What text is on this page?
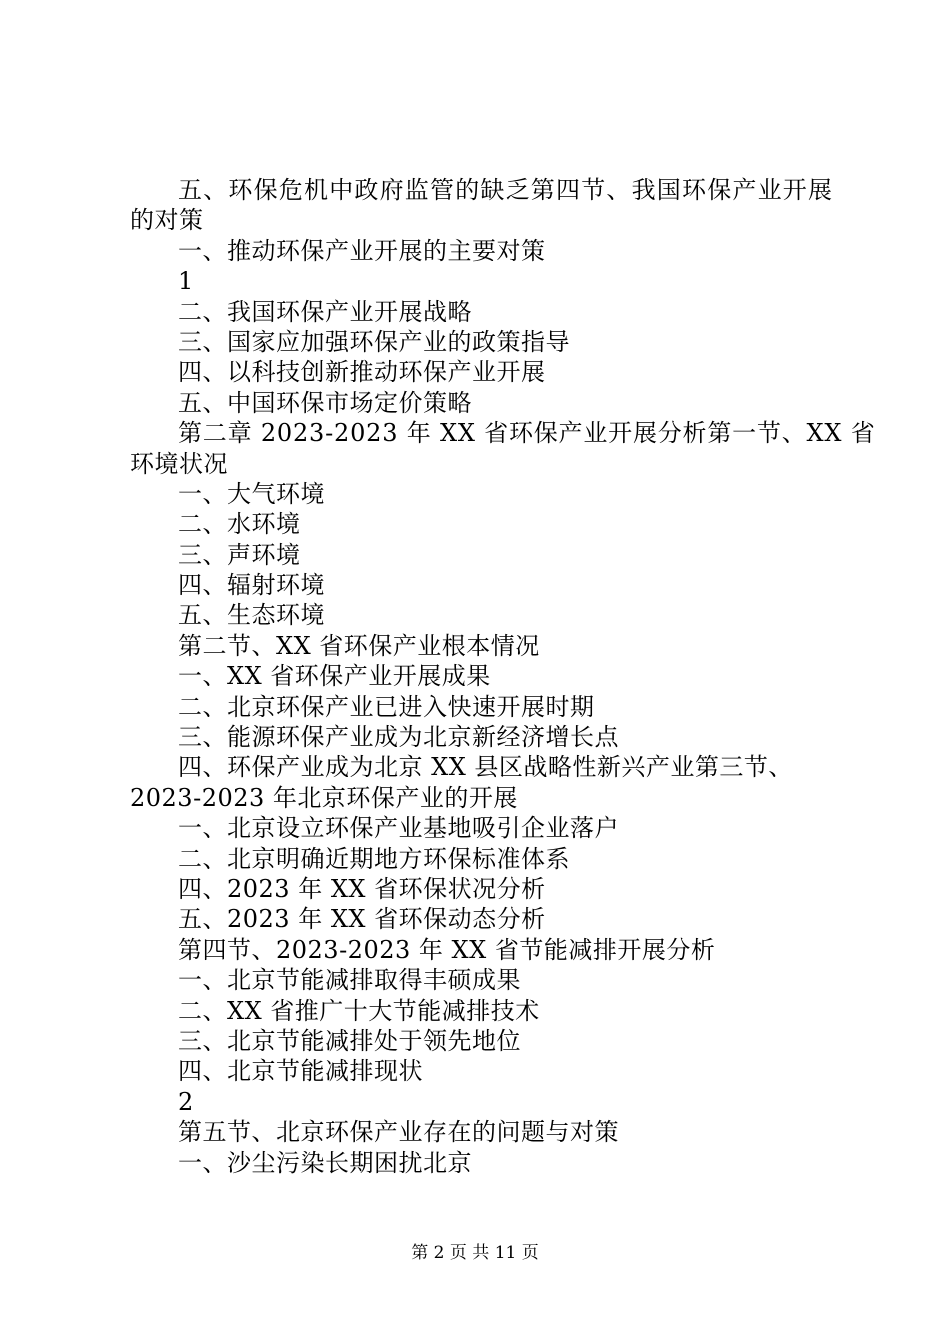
五、环保危机中政府监管的缺乏第四节、我国环保产业开展
的对策
一、推动环保产业开展的主要对策
1
二、我国环保产业开展战略
三、国家应加强环保产业的政策指导
四、以科技创新推动环保产业开展
五、中国环保市场定价策略
第二章 2023-2023 年 XX 省环保产业开展分析第一节、XX 省
环境状况
一、大气环境
二、水环境
三、声环境
四、辐射环境
五、生态环境
第二节、XX 省环保产业根本情况
一、XX 省环保产业开展成果
二、北京环保产业已进入快速开展时期
三、能源环保产业成为北京新经济增长点
四、环保产业成为北京 XX 县区战略性新兴产业第三节、
2023-2023 年北京环保产业的开展
一、北京设立环保产业基地吸引企业落户
二、北京明确近期地方环保标准体系
四、2023 年 XX 省环保状况分析
五、2023 年 XX 省环保动态分析
第四节、2023-2023 年 XX 省节能减排开展分析
一、北京节能减排取得丰硕成果
二、XX 省推广十大节能减排技术
三、北京节能减排处于领先地位
四、北京节能减排现状
2
第五节、北京环保产业存在的问题与对策
一、沙尘污染长期困扰北京
第 2 页 共 11 页
